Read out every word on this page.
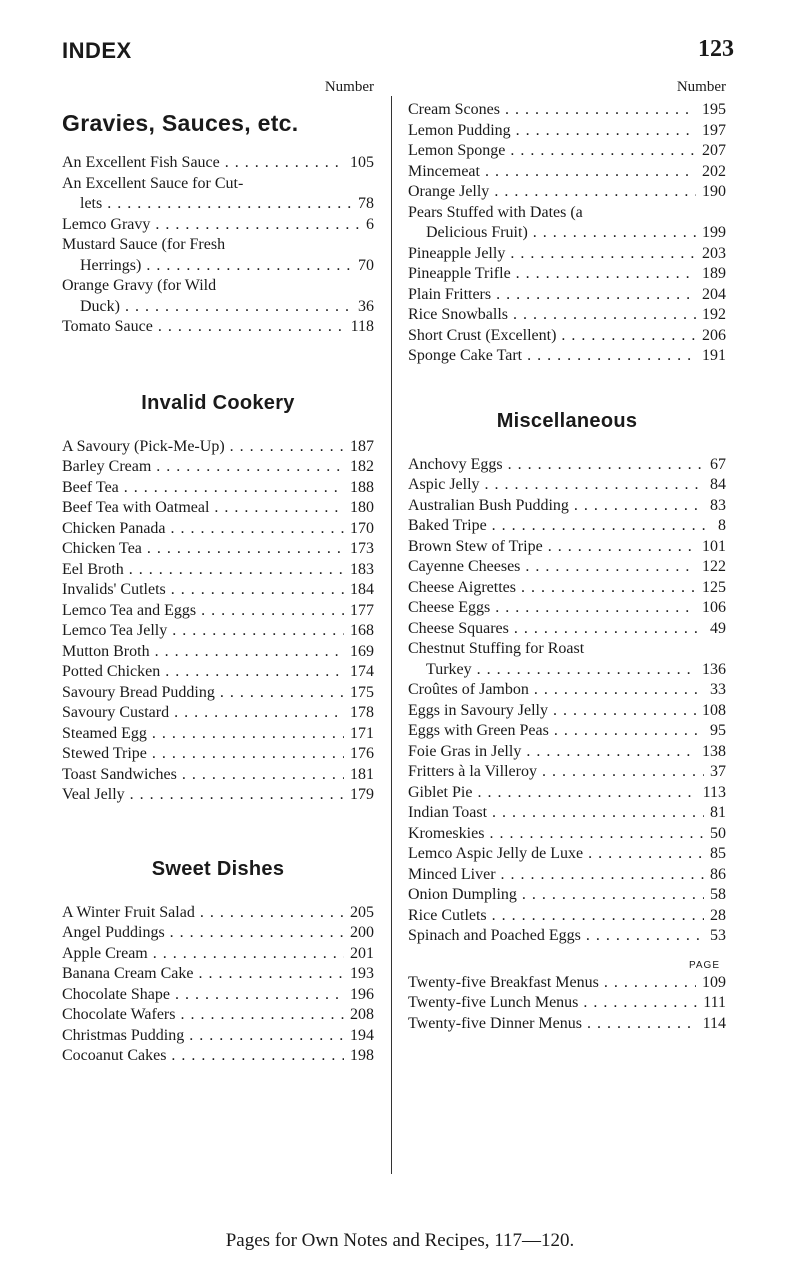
INDEX	123
Number
Gravies, Sauces, etc.
An Excellent Fish Sauce . . .	105
An Excellent Sauce for Cut-
lets . . .	78
Lemco Gravy . . .	6
Mustard Sauce (for Fresh
Herrings) . . .	70
Orange Gravy (for Wild
Duck) . . .	36
Tomato Sauce . . .	118
Invalid Cookery
A Savoury (Pick-Me-Up) . . .	187
Barley Cream . . .	182
Beef Tea . . .	188
Beef Tea with Oatmeal . . .	180
Chicken Panada . . .	170
Chicken Tea . . .	173
Eel Broth . . .	183
Invalids' Cutlets . . .	184
Lemco Tea and Eggs . . .	177
Lemco Tea Jelly . . .	168
Mutton Broth . . .	169
Potted Chicken . . .	174
Savoury Bread Pudding . . .	175
Savoury Custard . . .	178
Steamed Egg . . .	171
Stewed Tripe . . .	176
Toast Sandwiches . . .	181
Veal Jelly . . .	179
Sweet Dishes
A Winter Fruit Salad . . .	205
Angel Puddings . . .	200
Apple Cream . . .	201
Banana Cream Cake . . .	193
Chocolate Shape . . .	196
Chocolate Wafers . . .	208
Christmas Pudding . . .	194
Cocoanut Cakes . . .	198
Number
Cream Scones . . .	195
Lemon Pudding . . .	197
Lemon Sponge . . .	207
Mincemeat . . .	202
Orange Jelly . . .	190
Pears Stuffed with Dates (a
Delicious Fruit) . . .	199
Pineapple Jelly . . .	203
Pineapple Trifle . . .	189
Plain Fritters . . .	204
Rice Snowballs . . .	192
Short Crust (Excellent) . . .	206
Sponge Cake Tart . . .	191
Miscellaneous
Anchovy Eggs . . .	67
Aspic Jelly . . .	84
Australian Bush Pudding . . .	83
Baked Tripe . . .	8
Brown Stew of Tripe . . .	101
Cayenne Cheeses . . .	122
Cheese Aigrettes . . .	125
Cheese Eggs . . .	106
Cheese Squares . . .	49
Chestnut Stuffing for Roast
Turkey . . .	136
Croûtes of Jambon . . .	33
Eggs in Savoury Jelly . . .	108
Eggs with Green Peas . . .	95
Foie Gras in Jelly . . .	138
Fritters à la Villeroy . . .	37
Giblet Pie . . .	113
Indian Toast . . .	81
Kromeskies . . .	50
Lemco Aspic Jelly de Luxe . . .	85
Minced Liver . . .	86
Onion Dumpling . . .	58
Rice Cutlets . . .	28
Spinach and Poached Eggs . . .	53
PAGE
Twenty-five Breakfast Menus . . .	109
Twenty-five Lunch Menus . . .	111
Twenty-five Dinner Menus . . .	114
Pages for Own Notes and Recipes, 117—120.
